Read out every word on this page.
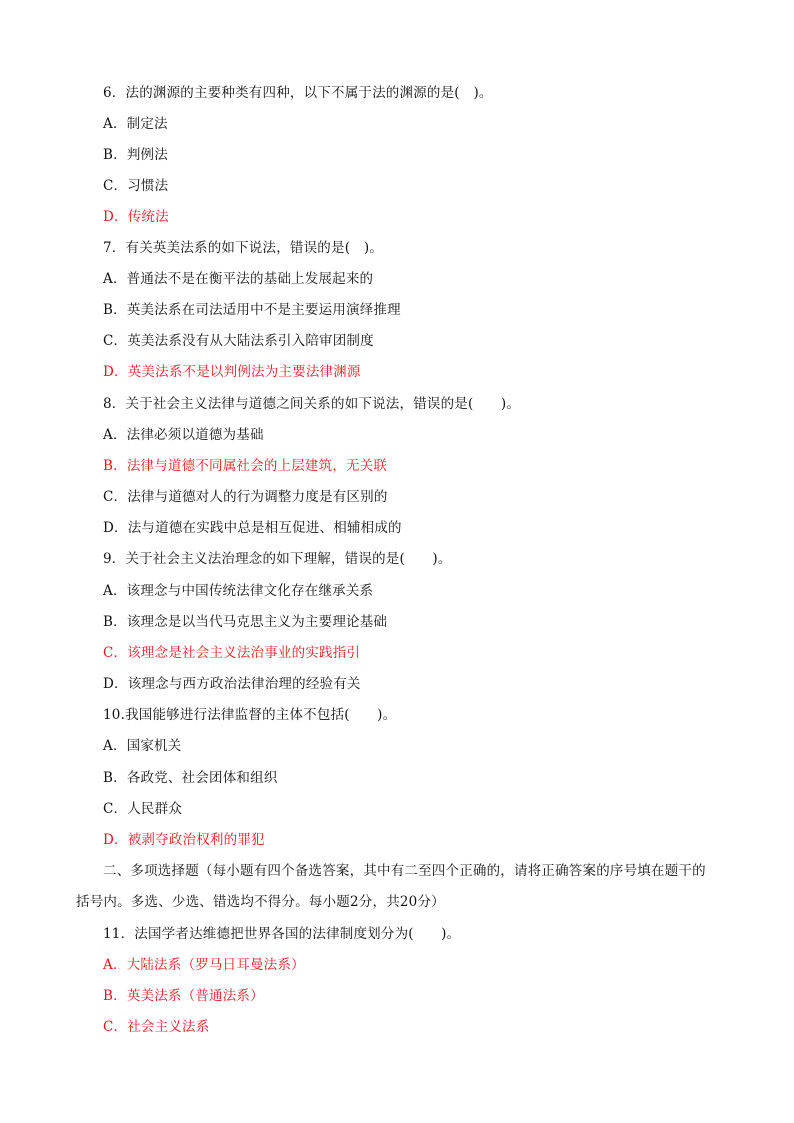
6．法的渊源的主要种类有四种，以下不属于法的渊源的是(　)。
A．制定法
B．判例法
C．习惯法
D．传统法
7．有关英美法系的如下说法，错误的是(　)。
A．普通法不是在衡平法的基础上发展起来的
B．英美法系在司法适用中不是主要运用演绎推理
C．英美法系没有从大陆法系引入陪审团制度
D．英美法系不是以判例法为主要法律渊源
8．关于社会主义法律与道德之间关系的如下说法，错误的是(　　)。
A．法律必须以道德为基础
B．法律与道德不同属社会的上层建筑，无关联
C．法律与道德对人的行为调整力度是有区别的
D．法与道德在实践中总是相互促进、相辅相成的
9．关于社会主义法治理念的如下理解，错误的是(　　)。
A．该理念与中国传统法律文化存在继承关系
B．该理念是以当代马克思主义为主要理论基础
C．该理念是社会主义法治事业的实践指引
D．该理念与西方政治法律治理的经验有关
10.我国能够进行法律监督的主体不包括(　　)。
A．国家机关
B．各政党、社会团体和组织
C．人民群众
D．被剥夺政治权利的罪犯
二、多项选择题（每小题有四个备选答案，其中有二至四个正确的，请将正确答案的序号填在题干的
括号内。多选、少选、错选均不得分。每小题2分，共20分）
11．法国学者达维德把世界各国的法律制度划分为(　　)。
A．大陆法系（罗马日耳曼法系）
B．英美法系（普通法系）
C．社会主义法系
